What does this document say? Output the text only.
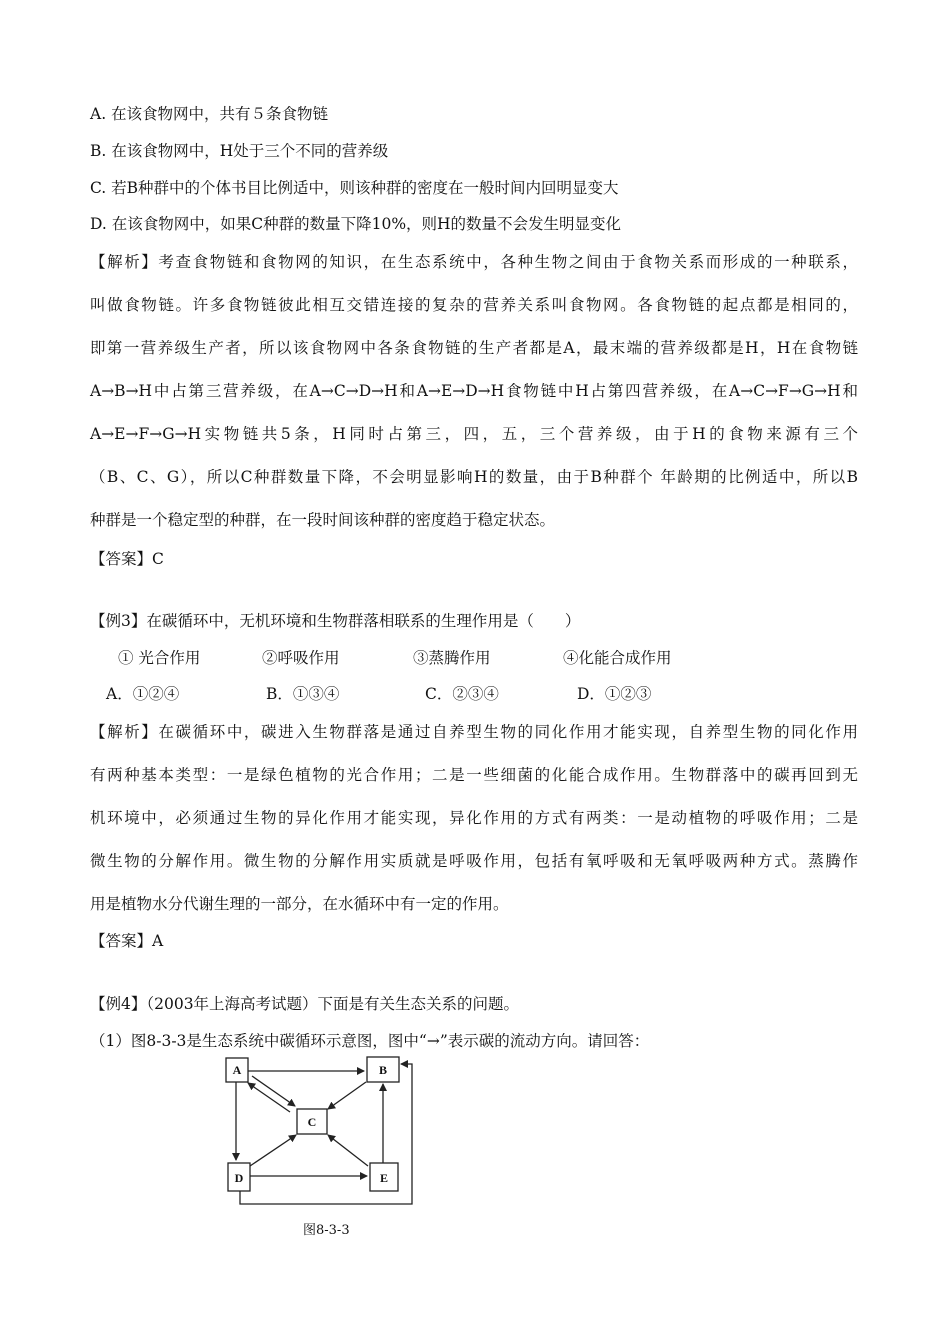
A. 在该食物网中，共有５条食物链
B. 在该食物网中，H处于三个不同的营养级
C. 若B种群中的个体书目比例适中，则该种群的密度在一般时间内回明显变大
D. 在该食物网中，如果C种群的数量下降10%，则H的数量不会发生明显变化
【解析】考查食物链和食物网的知识，在生态系统中，各种生物之间由于食物关系而形成的一种联系，
叫做食物链。许多食物链彼此相互交错连接的复杂的营养关系叫食物网。各食物链的起点都是相同的，
即第一营养级生产者，所以该食物网中各条食物链的生产者都是A，最末端的营养级都是H，H在食物链
A→B→H中占第三营养级，在A→C→D→H和A→E→D→H食物链中H占第四营养级，在A→C→F→G→H和
A→E→F→G→H实物链共5条，H同时占第三，四，五，三个营养级，由于H的食物来源有三个
（B、C、G），所以C种群数量下降，不会明显影响H的数量，由于B种群个 年龄期的比例适中，所以B
种群是一个稳定型的种群，在一段时间该种群的密度趋于稳定状态。
【答案】C
【例3】在碳循环中，无机环境和生物群落相联系的生理作用是（　　）
① 光合作用	②呼吸作用	③蒸腾作用	④化能合成作用
A．①②④	B．①③④	C．②③④	D．①②③
【解析】在碳循环中，碳进入生物群落是通过自养型生物的同化作用才能实现，自养型生物的同化作用
有两种基本类型：一是绿色植物的光合作用；二是一些细菌的化能合成作用。生物群落中的碳再回到无
机环境中，必须通过生物的异化作用才能实现，异化作用的方式有两类：一是动植物的呼吸作用；二是
微生物的分解作用。微生物的分解作用实质就是呼吸作用，包括有氧呼吸和无氧呼吸两种方式。蒸腾作
用是植物水分代谢生理的一部分，在水循环中有一定的作用。
【答案】A
【例4】（2003年上海高考试题）下面是有关生态关系的问题。
（1）图8-3-3是生态系统中碳循环示意图，图中“→”表示碳的流动方向。请回答：
A	B
C
D	E
图8-3-3
